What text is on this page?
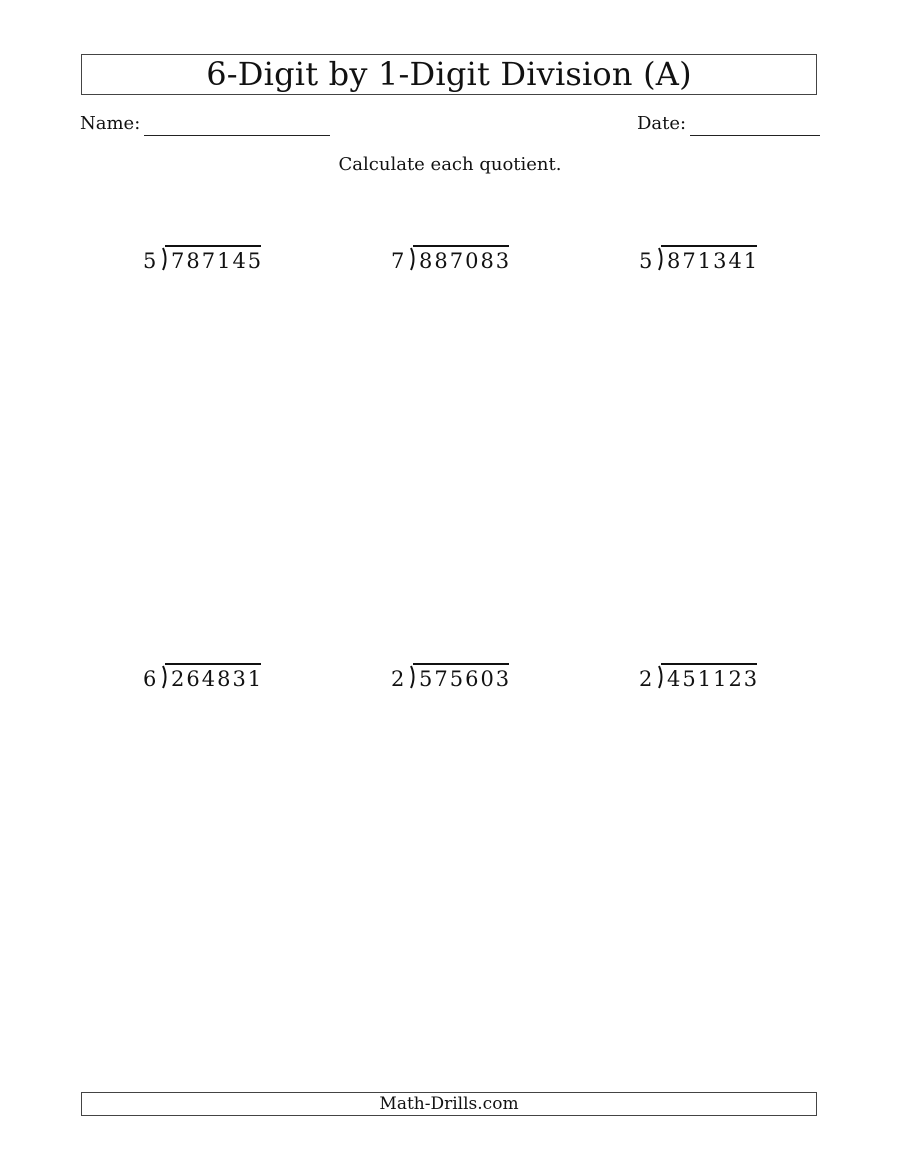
6-Digit by 1-Digit Division (A)
Name:	Date:
Calculate each quotient.
5 787145	7 887083	5 871341
6 264831	2 575603	2 451123
Math-Drills.com
